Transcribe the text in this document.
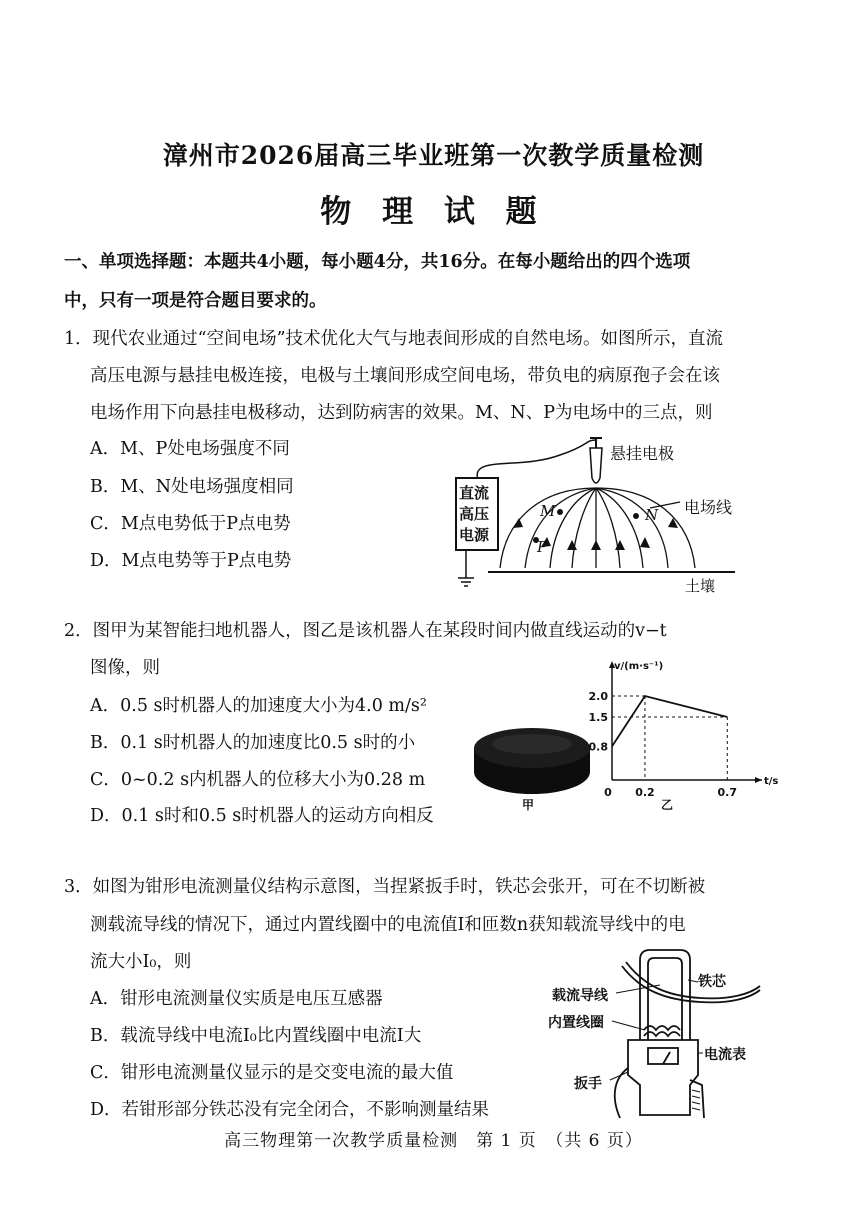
漳州市2026届高三毕业班第一次教学质量检测
物 理 试 题
一、单项选择题：本题共4小题，每小题4分，共16分。在每小题给出的四个选项
中，只有一项是符合题目要求的。
1．现代农业通过“空间电场”技术优化大气与地表间形成的自然电场。如图所示，直流
高压电源与悬挂电极连接，电极与土壤间形成空间电场，带负电的病原孢子会在该
电场作用下向悬挂电极移动，达到防病害的效果。M、N、P为电场中的三点，则
A．M、P处电场强度不同
B．M、N处电场强度相同
C．M点电势低于P点电势
D．M点电势等于P点电势
悬挂电极
电场线
直流
高压
电源
土壤
M	N
P
2．图甲为某智能扫地机器人，图乙是该机器人在某段时间内做直线运动的v−t
图像，则
A．0.5 s时机器人的加速度大小为4.0 m/s²
B．0.1 s时机器人的加速度比0.5 s时的小
C．0~0.2 s内机器人的位移大小为0.28 m
D．0.1 s时和0.5 s时机器人的运动方向相反
甲
v/(m·s⁻¹)
t/s
0.8
1.5
2.0
0 0.2	0.7
乙
3．如图为钳形电流测量仪结构示意图，当捏紧扳手时，铁芯会张开，可在不切断被
测载流导线的情况下，通过内置线圈中的电流值I和匝数n获知载流导线中的电
流大小I₀，则
A．钳形电流测量仪实质是电压互感器
B．载流导线中电流I₀比内置线圈中电流I大
C．钳形电流测量仪显示的是交变电流的最大值
D．若钳形部分铁芯没有完全闭合，不影响测量结果
铁芯
载流导线
内置线圈
电流表
扳手
高三物理第一次教学质量检测　第 1 页　（共 6 页）
